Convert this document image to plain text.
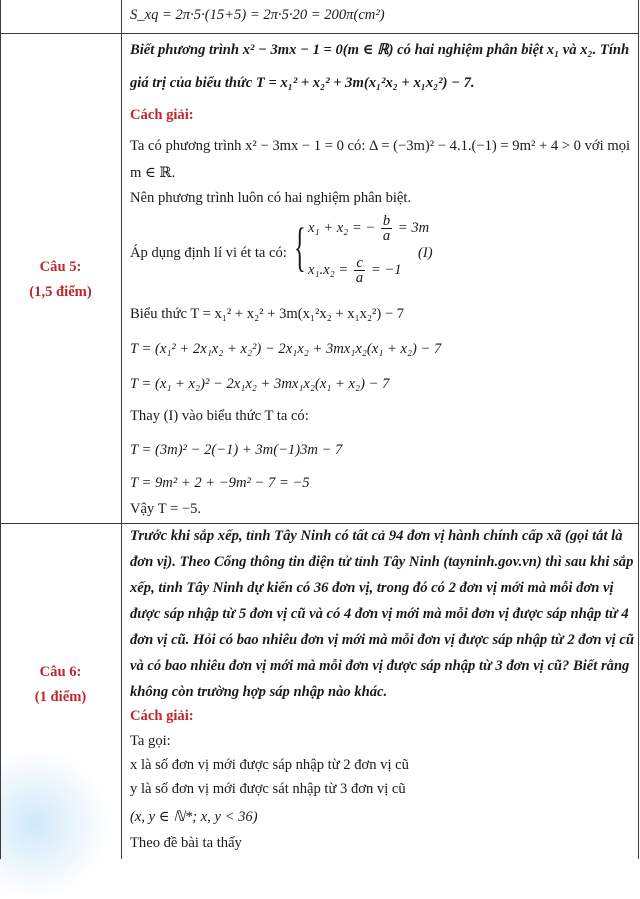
S_xq = 2π·5·(15+5) = 2π·5·20 = 200π(cm²)
Câu 5:
(1,5 điểm)
Biết phương trình x² − 3mx − 1 = 0(m ∈ ℝ) có hai nghiệm phân biệt x₁ và x₂. Tính
giá trị của biểu thức T = x₁² + x₂² + 3m(x₁²x₂ + x₁x₂²) − 7.
Cách giải:
Ta có phương trình x² − 3mx − 1 = 0 có: Δ = (−3m)² − 4.1.(−1) = 9m² + 4 > 0 với mọi
m ∈ ℝ.
Nên phương trình luôn có hai nghiệm phân biệt.
Áp dụng định lí vi ét ta có: { x₁ + x₂ = − $\frac{b}{a} = 3m$
$x_1.x_2 = \frac{c}{a} = -1$
(I)
Biểu thức T = x₁² + x₂² + 3m(x₁²x₂ + x₁x₂²) − 7
T = (x₁² + 2x₁x₂ + x₂²) − 2x₁x₂ + 3mx₁x₂(x₁ + x₂) − 7
T = (x₁ + x₂)² − 2x₁x₂ + 3mx₁x₂(x₁ + x₂) − 7
Thay (I) vào biểu thức T ta có:
T = (3m)² − 2(−1) + 3m(−1)3m − 7
T = 9m² + 2 + −9m² − 7 = −5
Vậy T = −5.
Câu 6:
(1 điểm)
Trước khi sắp xếp, tỉnh Tây Ninh có tất cả 94 đơn vị hành chính cấp xã (gọi tắt là
đơn vị). Theo Cổng thông tin điện tử tỉnh Tây Ninh (tayninh.gov.vn) thì sau khi sắp
xếp, tỉnh Tây Ninh dự kiến có 36 đơn vị, trong đó có 2 đơn vị mới mà mỗi đơn vị
được sáp nhập từ 5 đơn vị cũ và có 4 đơn vị mới mà mỗi đơn vị được sáp nhập từ 4
đơn vị cũ. Hỏi có bao nhiêu đơn vị mới mà mỗi đơn vị được sáp nhập từ 2 đơn vị cũ
và có bao nhiêu đơn vị mới mà mỗi đơn vị được sáp nhập từ 3 đơn vị cũ? Biết rằng
không còn trường hợp sáp nhập nào khác.
Cách giải:
Ta gọi:
x là số đơn vị mới được sáp nhập từ 2 đơn vị cũ
y là số đơn vị mới được sát nhập từ 3 đơn vị cũ
(x, y ∈ ℕ*; x, y < 36)
Theo đề bài ta thấy
